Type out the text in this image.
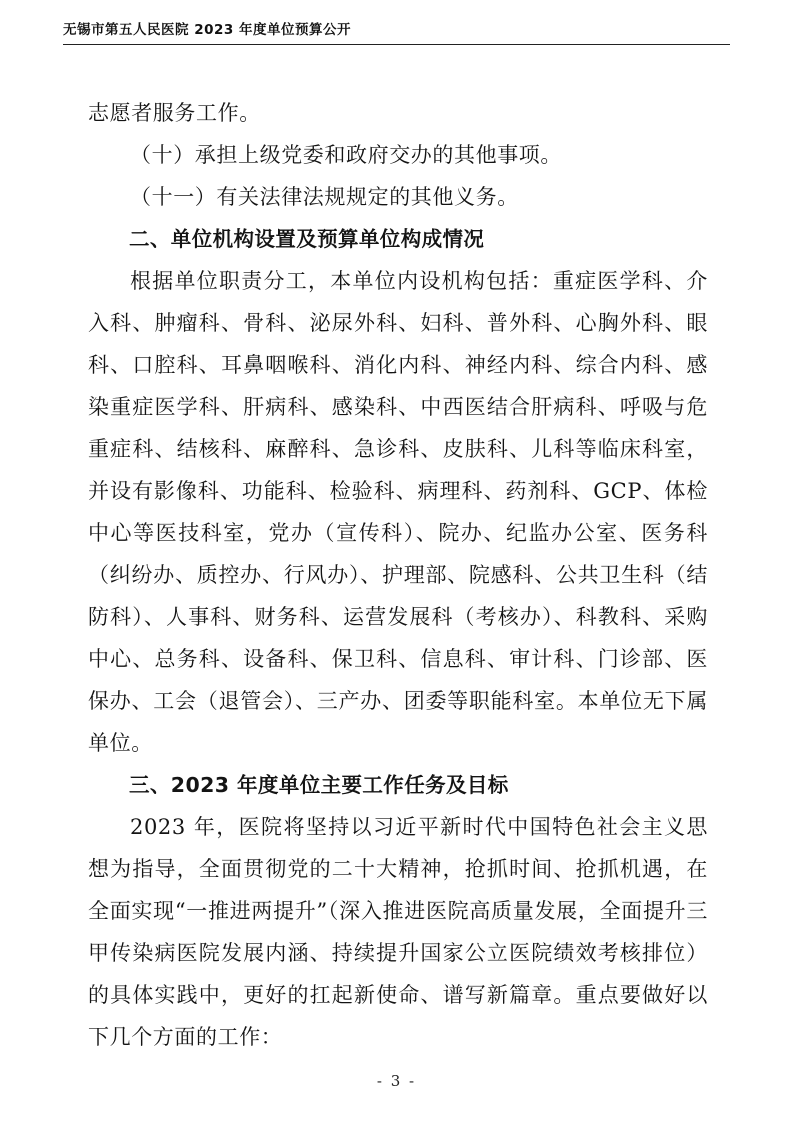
无锡市第五人民医院 2023 年度单位预算公开

志愿者服务工作。

（十）承担上级党委和政府交办的其他事项。

（十一）有关法律法规规定的其他义务。

二、单位机构设置及预算单位构成情况

根据单位职责分工，本单位内设机构包括：重症医学科、介入科、肿瘤科、骨科、泌尿外科、妇科、普外科、心胸外科、眼科、口腔科、耳鼻咽喉科、消化内科、神经内科、综合内科、感染重症医学科、肝病科、感染科、中西医结合肝病科、呼吸与危重症科、结核科、麻醉科、急诊科、皮肤科、儿科等临床科室，并设有影像科、功能科、检验科、病理科、药剂科、GCP、体检中心等医技科室，党办（宣传科）、院办、纪监办公室、医务科（纠纷办、质控办、行风办）、护理部、院感科、公共卫生科（结防科）、人事科、财务科、运营发展科（考核办）、科教科、采购中心、总务科、设备科、保卫科、信息科、审计科、门诊部、医保办、工会（退管会）、三产办、团委等职能科室。本单位无下属单位。

三、2023 年度单位主要工作任务及目标

2023 年，医院将坚持以习近平新时代中国特色社会主义思想为指导，全面贯彻党的二十大精神，抢抓时间、抢抓机遇，在全面实现“一推进两提升”（深入推进医院高质量发展，全面提升三甲传染病医院发展内涵、持续提升国家公立医院绩效考核排位）的具体实践中，更好的扛起新使命、谱写新篇章。重点要做好以下几个方面的工作：

- 3 -
